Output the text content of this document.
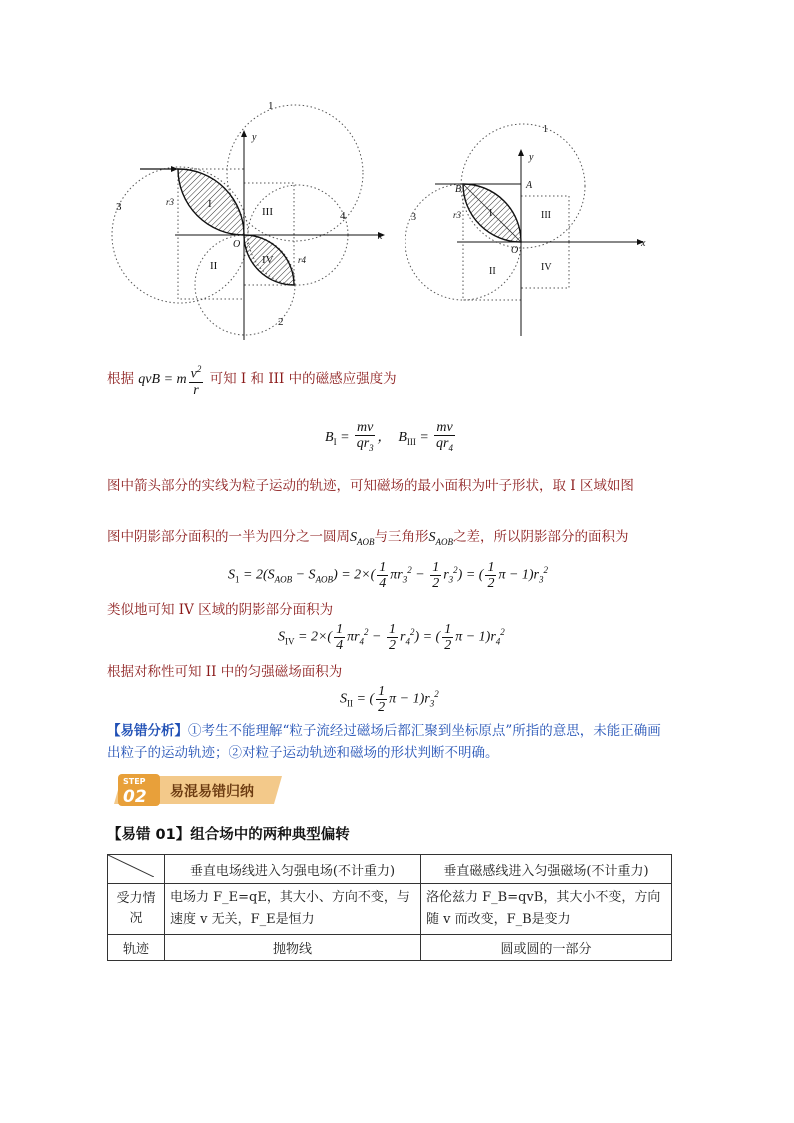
x
y
O
I
II
III
IV
1
2
3
4
r3
r4
x
y
O
A
B
I
II
III
IV
1
3	r3
根据 qvB = m $\frac{v^2}{r}$ 可知 I 和 III 中的磁感应强度为
$B_I = \frac{mv}{qr_3}$ ，  $B_{III} = \frac{mv}{qr_4}$
图中箭头部分的实线为粒子运动的轨迹，可知磁场的最小面积为叶子形状，取 I 区域如图
图中阴影部分面积的一半为四分之一圆周$S_{AOB}$与三角形$S_{AOB}$之差，所以阴影部分的面积为
$S_1 = 2(S_{AOB} - S_{AOB}) = 2\times( \frac{1}{4} \pi r_3^2 - \frac{1}{2} r_3^2)$ = ( $\frac{1}{2}$ $\pi - 1)r_3^2$
类似地可知 IV 区域的阴影部分面积为
$S_{IV} = 2\times( \frac{1}{4} \pi r_4^2 - \frac{1}{2} r_4^2)$ = ( $\frac{1}{2}$ $\pi - 1)r_4^2$
根据对称性可知 II 中的匀强磁场面积为
$S_{II}$ = ( $\frac{1}{2}$ $\pi - 1)r_3^2$
【易错分析】①考生不能理解“粒子流经过磁场后都汇聚到坐标原点”所指的意思，未能正确画出粒子的运动轨迹；②对粒子运动轨迹和磁场的形状判断不明确。
STEP
02 易混易错归纳
【易错 01】组合场中的两种典型偏转
	垂直电场线进入匀强电场(不计重力)	垂直磁感线进入匀强磁场(不计重力)
受力情况	电场力 F_E=qE，其大小、方向不变，与速度 v 无关，F_E是恒力	洛伦兹力 F_B=qvB，其大小不变，方向随 v 而改变，F_B是变力
轨迹	抛物线	圆或圆的一部分
